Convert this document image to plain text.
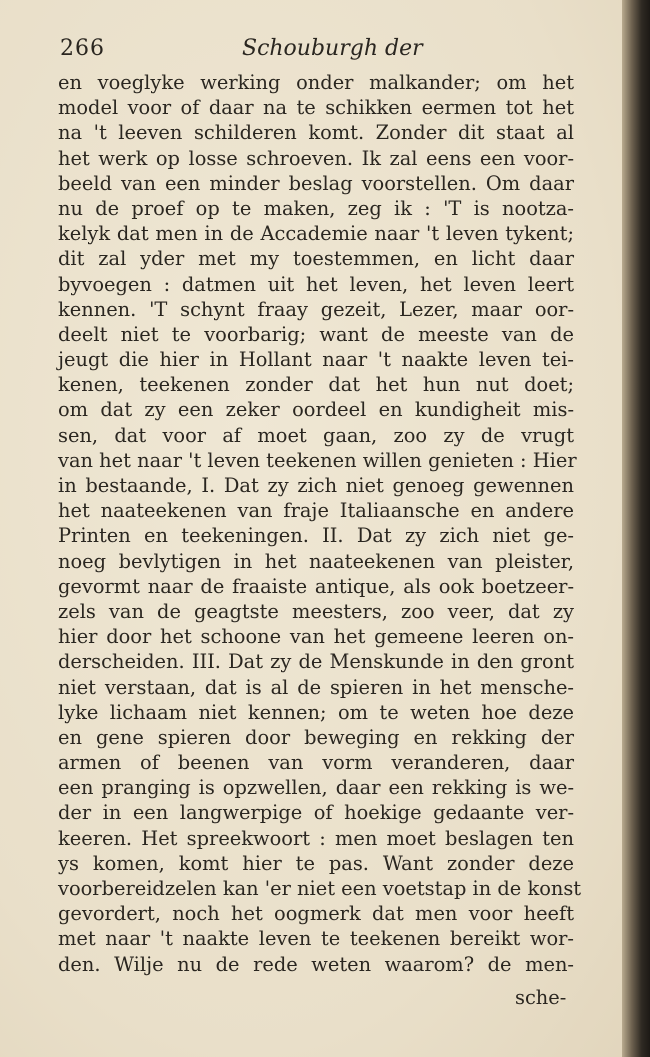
266	Schouburgh der
en voeglyke werking onder malkander; om het
model voor of daar na te schikken eermen tot het
na 't leeven schilderen komt. Zonder dit staat al
het werk op losse schroeven. Ik zal eens een voor-
beeld van een minder beslag voorstellen. Om daar
nu de proef op te maken, zeg ik : 'T is nootza-
kelyk dat men in de Accademie naar 't leven tykent;
dit zal yder met my toestemmen, en licht daar
byvoegen : datmen uit het leven, het leven leert
kennen. 'T schynt fraay gezeit, Lezer, maar oor-
deelt niet te voorbarig; want de meeste van de
jeugt die hier in Hollant naar 't naakte leven tei-
kenen, teekenen zonder dat het hun nut doet;
om dat zy een zeker oordeel en kundigheit mis-
sen, dat voor af moet gaan, zoo zy de vrugt
van het naar 't leven teekenen willen genieten : Hier
in bestaande, I. Dat zy zich niet genoeg gewennen
het naateekenen van fraje Italiaansche en andere
Printen en teekeningen. II. Dat zy zich niet ge-
noeg bevlytigen in het naateekenen van pleister,
gevormt naar de fraaiste antique, als ook boetzeer-
zels van de geagtste meesters, zoo veer, dat zy
hier door het schoone van het gemeene leeren on-
derscheiden. III. Dat zy de Menskunde in den gront
niet verstaan, dat is al de spieren in het mensche-
lyke lichaam niet kennen; om te weten hoe deze
en gene spieren door beweging en rekking der
armen of beenen van vorm veranderen, daar
een pranging is opzwellen, daar een rekking is we-
der in een langwerpige of hoekige gedaante ver-
keeren. Het spreekwoort : men moet beslagen ten
ys komen, komt hier te pas. Want zonder deze
voorbereidzelen kan 'er niet een voetstap in de konst
gevordert, noch het oogmerk dat men voor heeft
met naar 't naakte leven te teekenen bereikt wor-
den. Wilje nu de rede weten waarom? de men-
sche-
